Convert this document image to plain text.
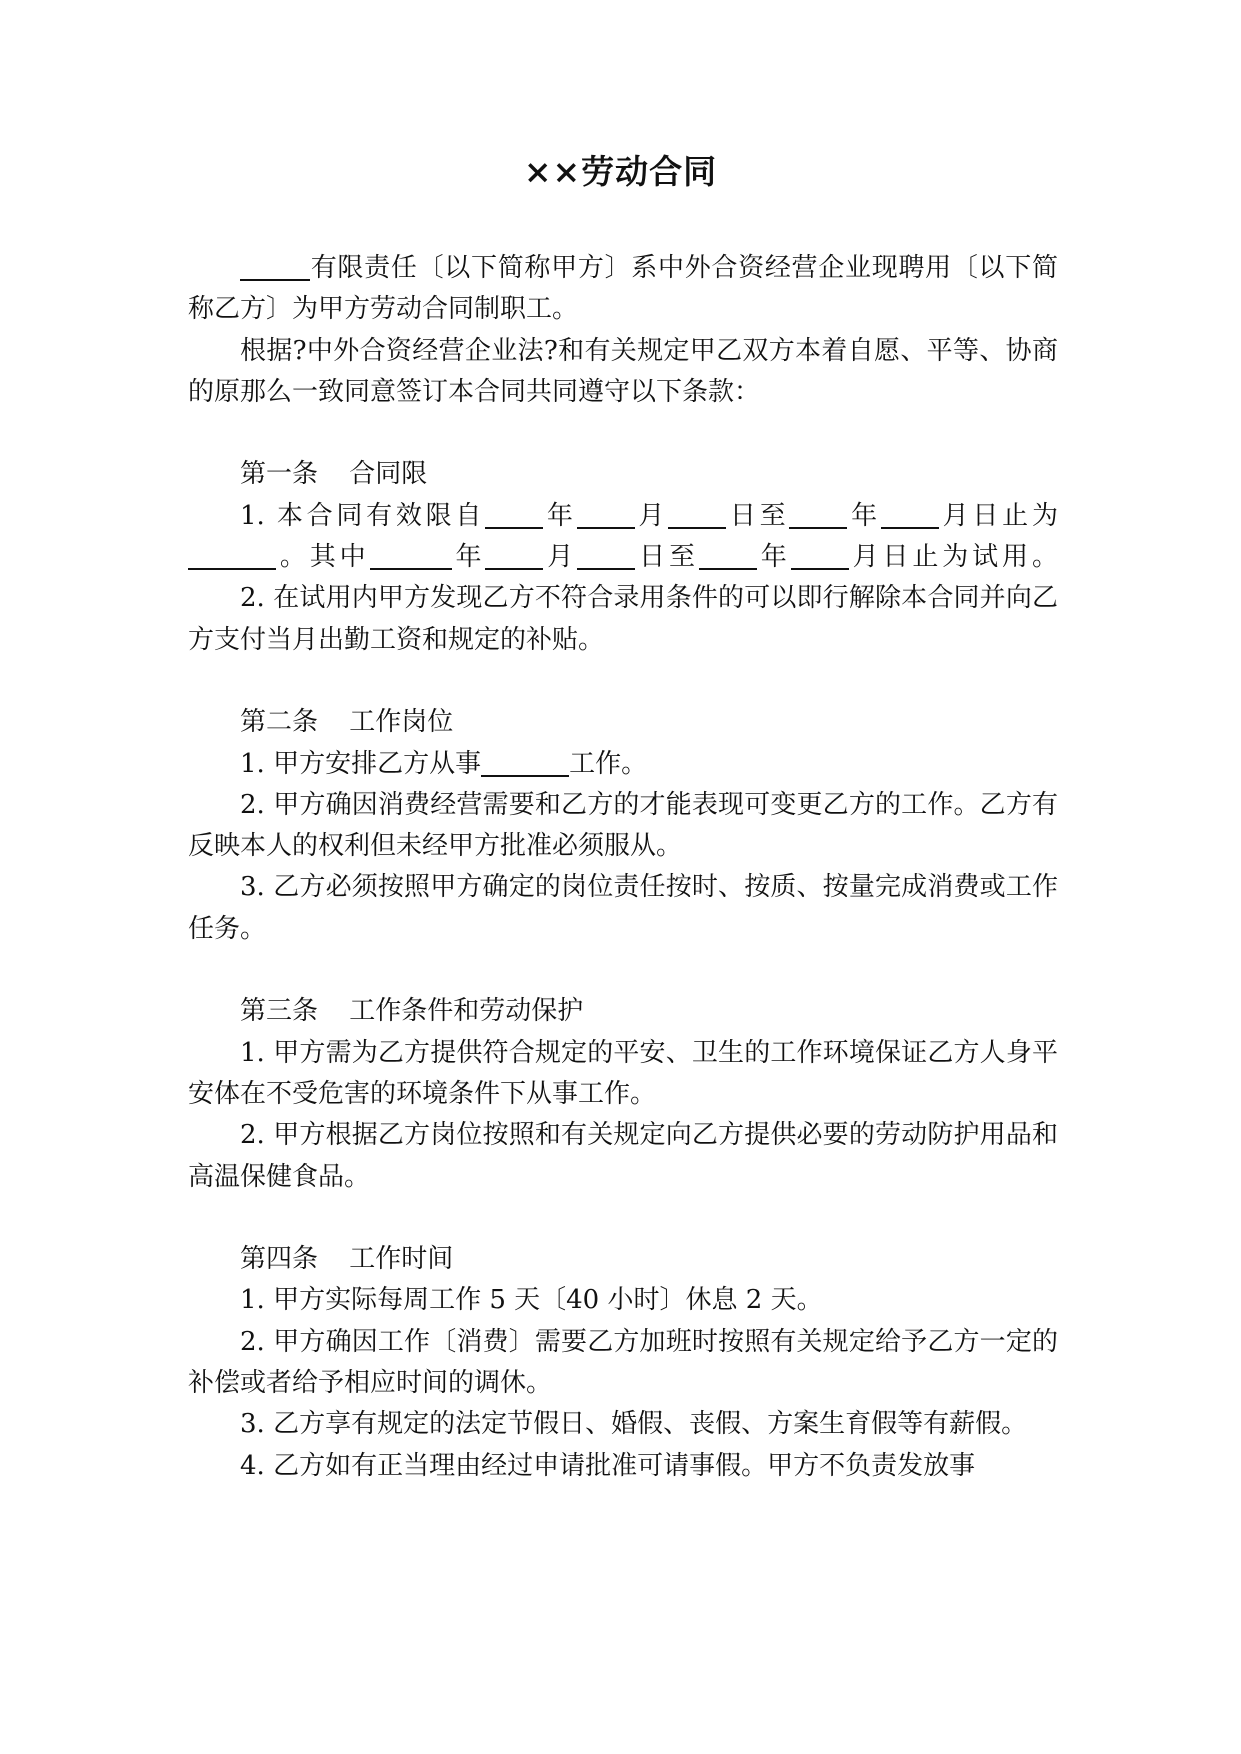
××劳动合同

有限责任〔以下简称甲方〕系中外合资经营企业现聘用〔以下简称乙方〕为甲方劳动合同制职工。

根据?中外合资经营企业法?和有关规定甲乙双方本着自愿、平等、协商的原那么一致同意签订本合同共同遵守以下条款：

第一条 合同限

1. 本合同有效限自 年 月 日至 年 月日止为。其中	年 月 日至 年 月日止为试用。

2. 在试用内甲方发现乙方不符合录用条件的可以即行解除本合同并向乙方支付当月出勤工资和规定的补贴。

第二条 工作岗位

1. 甲方安排乙方从事	工作。

2. 甲方确因消费经营需要和乙方的才能表现可变更乙方的工作。乙方有反映本人的权利但未经甲方批准必须服从。

3. 乙方必须按照甲方确定的岗位责任按时、按质、按量完成消费或工作任务。

第三条 工作条件和劳动保护

1. 甲方需为乙方提供符合规定的平安、卫生的工作环境保证乙方人身平安体在不受危害的环境条件下从事工作。

2. 甲方根据乙方岗位按照和有关规定向乙方提供必要的劳动防护用品和高温保健食品。

第四条 工作时间

1. 甲方实际每周工作 5 天〔40 小时〕休息 2 天。

2. 甲方确因工作〔消费〕需要乙方加班时按照有关规定给予乙方一定的补偿或者给予相应时间的调休。

3. 乙方享有规定的法定节假日、婚假、丧假、方案生育假等有薪假。

4. 乙方如有正当理由经过申请批准可请事假。甲方不负责发放事
